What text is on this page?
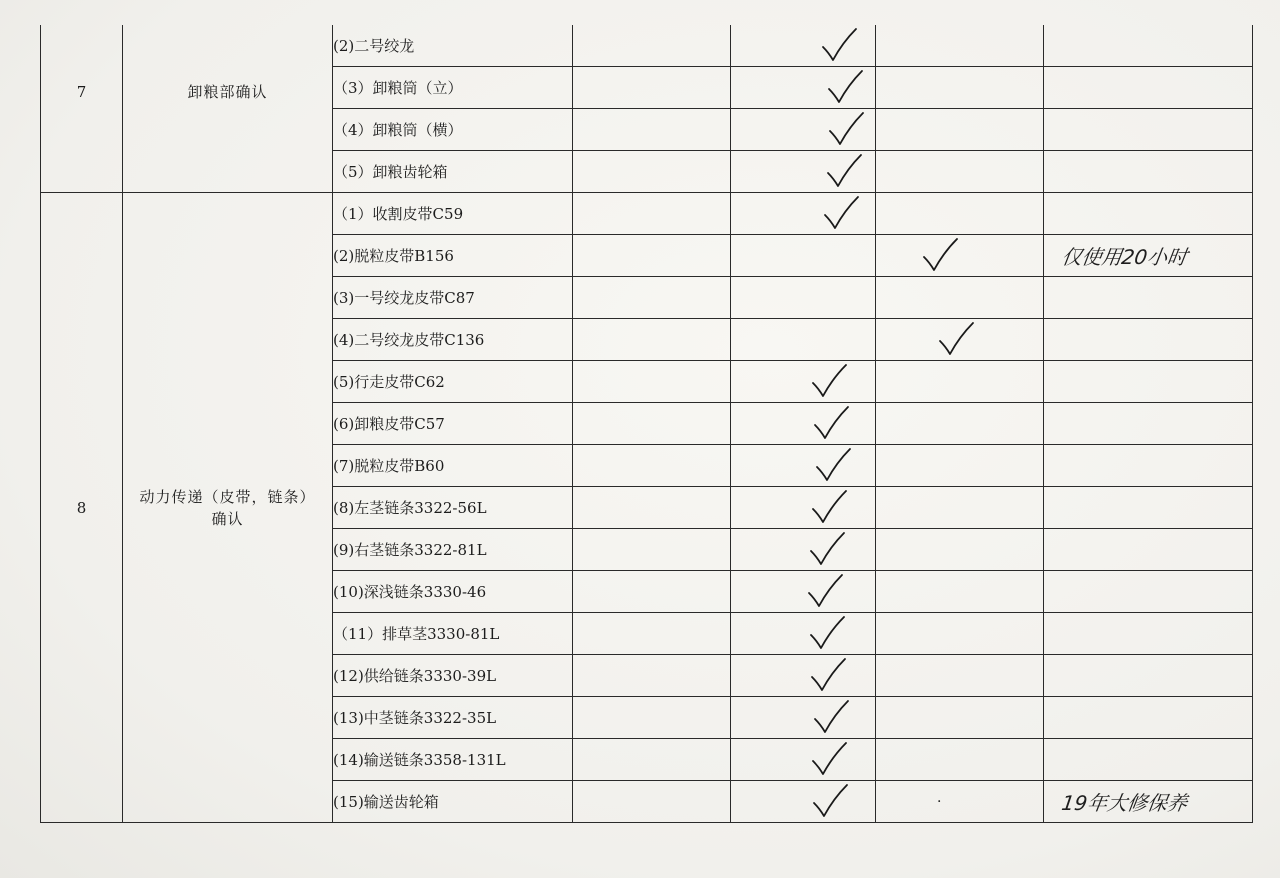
7	卸粮部确认	(2)二号绞龙		

		（3）卸粮筒（立）		

		（4）卸粮筒（横）		

		（5）卸粮齿轮箱		

8	动力传递（皮带，链条）确认	（1）收割皮带C59		

		(2)脱粒皮带B156				仅使用20小时

		(3)一号绞龙皮带C87				
		(4)二号绞龙皮带C136			

		(5)行走皮带C62		

		(6)卸粮皮带C57		

		(7)脱粒皮带B60		

		(8)左茎链条3322-56L		

		(9)右茎链条3322-81L		

		(10)深浅链条3330-46		

		（11）排草茎3330-81L		

		(12)供给链条3330-39L		

		(13)中茎链条3322-35L		

		(14)输送链条3358-131L		

		(15)输送齿轮箱			·	19年大修保养
